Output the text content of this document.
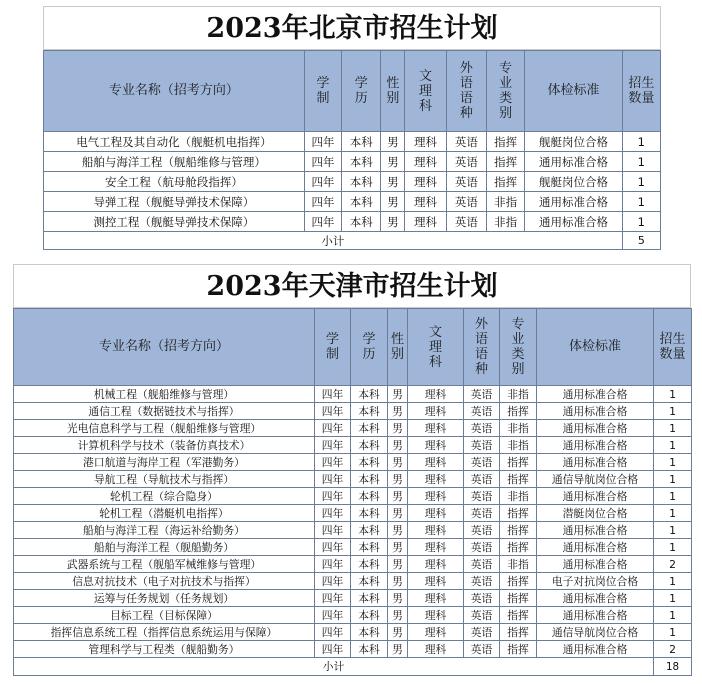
2023年北京市招生计划
专业名称（招考方向）	学制	学历	性别	文理科	外语语种	专业类别	体检标准	招生数量

电气工程及其自动化（舰艇机电指挥）	四年	本科	男	理科	英语	指挥	舰艇岗位合格	1
船舶与海洋工程（舰船维修与管理）	四年	本科	男	理科	英语	指挥	通用标准合格	1
安全工程（航母舱段指挥）	四年	本科	男	理科	英语	指挥	舰艇岗位合格	1
导弹工程（舰艇导弹技术保障）	四年	本科	男	理科	英语	非指	通用标准合格	1
测控工程（舰艇导弹技术保障）	四年	本科	男	理科	英语	非指	通用标准合格	1
小计								5
2023年天津市招生计划
专业名称（招考方向）	学制	学历	性别	文理科	外语语种	专业类别	体检标准	招生数量

机械工程（舰船维修与管理）	四年	本科	男	理科	英语	非指	通用标准合格	1
通信工程（数据链技术与指挥）	四年	本科	男	理科	英语	指挥	通用标准合格	1
光电信息科学与工程（舰船维修与管理）	四年	本科	男	理科	英语	非指	通用标准合格	1
计算机科学与技术（装备仿真技术）	四年	本科	男	理科	英语	非指	通用标准合格	1
港口航道与海岸工程（军港勤务）	四年	本科	男	理科	英语	指挥	通用标准合格	1
导航工程（导航技术与指挥）	四年	本科	男	理科	英语	指挥	通信导航岗位合格	1
轮机工程（综合隐身）	四年	本科	男	理科	英语	非指	通用标准合格	1
轮机工程（潜艇机电指挥）	四年	本科	男	理科	英语	指挥	潜艇岗位合格	1
船舶与海洋工程（海运补给勤务）	四年	本科	男	理科	英语	指挥	通用标准合格	1
船舶与海洋工程（舰船勤务）	四年	本科	男	理科	英语	指挥	通用标准合格	1
武器系统与工程（舰船军械维修与管理）	四年	本科	男	理科	英语	非指	通用标准合格	2
信息对抗技术（电子对抗技术与指挥）	四年	本科	男	理科	英语	指挥	电子对抗岗位合格	1
运筹与任务规划（任务规划）	四年	本科	男	理科	英语	指挥	通用标准合格	1
目标工程（目标保障）	四年	本科	男	理科	英语	指挥	通用标准合格	1
指挥信息系统工程（指挥信息系统运用与保障）	四年	本科	男	理科	英语	指挥	通信导航岗位合格	1
管理科学与工程类（舰船勤务）	四年	本科	男	理科	英语	指挥	通用标准合格	2
小计								18
